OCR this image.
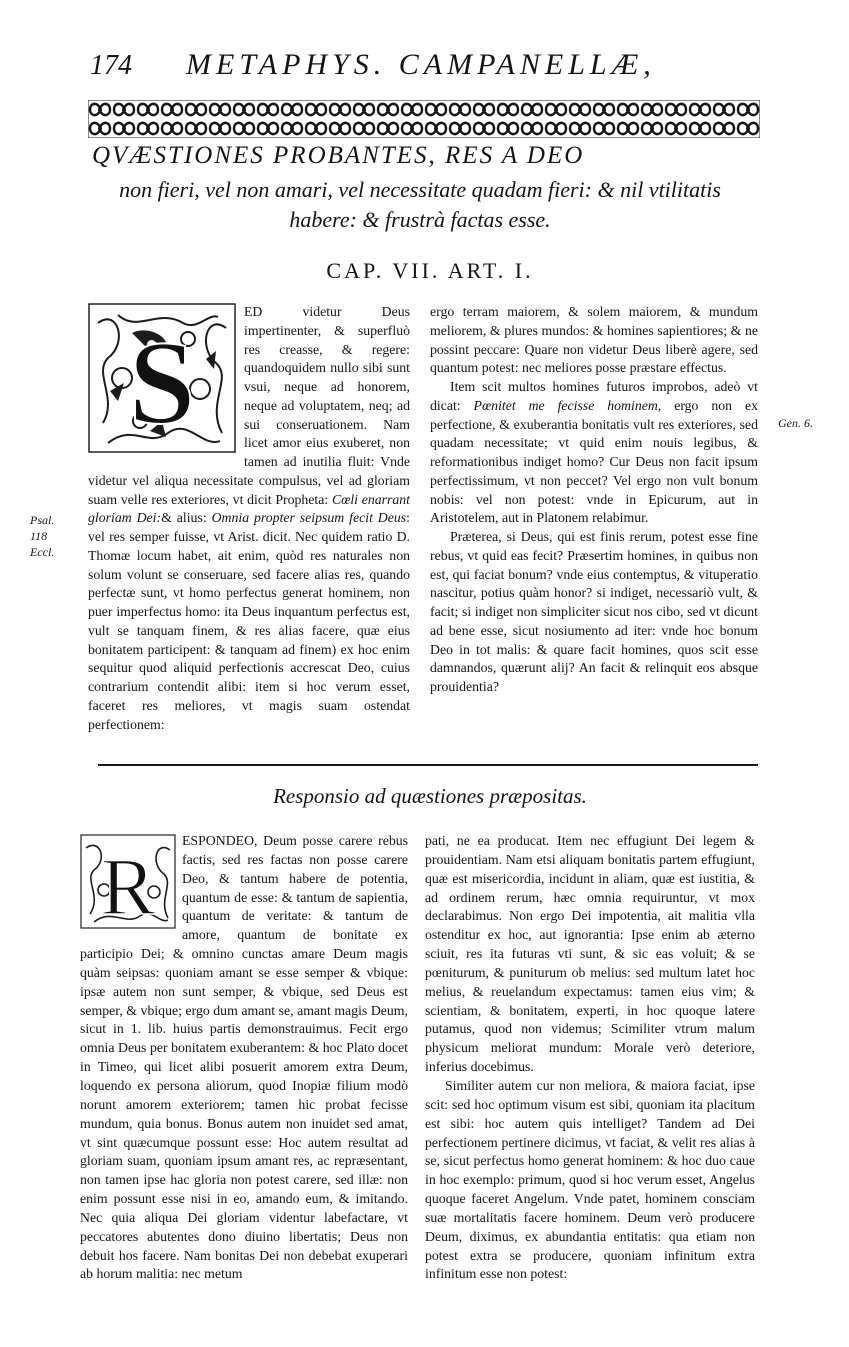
174 METAPHYS. CAMPANELLÆ,
QVÆSTIONES PROBANTES, RES A DEO
non fieri, vel non amari, vel necessitate quadam fieri: & nil vtilitatis habere: & frustrà factas esse.
CAP. VII. ART. I.
Psal.
118
Eccl.
Gen. 6.
S

ED videtur Deus impertinenter, & superfluò res creasse, & regere: quandoquidem nullo sibi sunt vsui, neque ad honorem, neque ad voluptatem, neq; ad sui conseruationem. Nam licet amor eius exuberet, non tamen ad inutilia fluit: Vnde videtur vel aliqua necessitate compulsus, vel ad gloriam suam velle res exteriores, vt dicit Propheta: Cœli enarrant gloriam Dei:& alius: Omnia propter seipsum fecit Deus: vel res semper fuisse, vt Arist. dicit. Nec quidem ratio D. Thomæ locum habet, ait enim, quòd res naturales non solum volunt se conseruare, sed facere alias res, quando perfectæ sunt, vt homo perfectus generat hominem, non puer imperfectus homo: ita Deus inquantum perfectus est, vult se tanquam finem, & res alias facere, quæ eius bonitatem participent: & tanquam ad finem) ex hoc enim sequitur quod aliquid perfectionis accrescat Deo, cuius contrarium contendit alibi: item si hoc verum esset, faceret res meliores, vt magis suam ostendat perfectionem:

ergo terram maiorem, & solem maiorem, & mundum meliorem, & plures mundos: & homines sapientiores; & ne possint peccare: Quare non videtur Deus liberè agere, sed quantum potest: nec meliores posse præstare effectus.

Item scit multos homines futuros improbos, adeò vt dicat: Pœnitet me fecisse hominem, ergo non ex perfectione, & exuberantia bonitatis vult res exteriores, sed quadam necessitate; vt quid enim nouis legibus, & reformationibus indiget homo? Cur Deus non facit ipsum perfectissimum, vt non peccet? Vel ergo non vult bonum nobis: vel non potest: vnde in Epicurum, aut in Aristotelem, aut in Platonem relabimur.

Præterea, si Deus, qui est finis rerum, potest esse fine rebus, vt quid eas fecit? Præsertim homines, in quibus non est, qui faciat bonum? vnde eius contemptus, & vituperatio nascitur, potius quàm honor? si indiget, necessariò vult, & facit; si indiget non simpliciter sicut nos cibo, sed vt dicunt ad bene esse, sicut nosiumento ad iter: vnde hoc bonum Deo in tot malis: & quare facit homines, quos scit esse damnandos, quærunt alij? An facit & relinquit eos absque prouidentia?

Responsio ad quæstiones præpositas.
R

ESPONDEO, Deum posse carere rebus factis, sed res factas non posse carere Deo, & tantum habere de potentia, quantum de esse: & tantum de sapientia, quantum de veritate: & tantum de amore, quantum de bonitate ex participio Dei; & omnino cunctas amare Deum magis quàm seipsas: quoniam amant se esse semper & vbique: ipsæ autem non sunt semper, & vbique, sed Deus est semper, & vbique; ergo dum amant se, amant magis Deum, sicut in 1. lib. huius partis demonstrauimus. Fecit ergo omnia Deus per bonitatem exuberantem: & hoc Plato docet in Timeo, qui licet alibi posuerit amorem extra Deum, loquendo ex persona aliorum, quod Inopiæ filium modò norunt amorem exteriorem; tamen hic probat fecisse mundum, quia bonus. Bonus autem non inuidet sed amat, vt sint quæcumque possunt esse: Hoc autem resultat ad gloriam suam, quoniam ipsum amant res, ac repræsentant, non tamen ipse hac gloria non potest carere, sed illæ: non enim possunt esse nisi in eo, amando eum, & imitando. Nec quia aliqua Dei gloriam videntur labefactare, vt peccatores abutentes dono diuino libertatis; Deus non debuit hos facere. Nam bonitas Dei non debebat exuperari ab horum malitia: nec metum

pati, ne ea producat. Item nec effugiunt Dei legem & prouidentiam. Nam etsi aliquam bonitatis partem effugiunt, quæ est misericordia, incidunt in aliam, quæ est iustitia, & ad ordinem rerum, hæc omnia requiruntur, vt mox declarabimus. Non ergo Dei impotentia, ait malitia vlla ostenditur ex hoc, aut ignorantia: Ipse enim ab æterno sciuit, res ita futuras vti sunt, & sic eas voluit; & se pœniturum, & puniturum ob melius: sed multum latet hoc melius, & reuelandum expectamus: tamen eius vim; & scientiam, & bonitatem, experti, in hoc quoque latere putamus, quod non videmus; Scimiliter vtrum malum physicum meliorat mundum: Morale verò deteriore, inferius docebimus.

Similiter autem cur non meliora, & maiora faciat, ipse scit: sed hoc optimum visum est sibi, quoniam ita placitum est sibi: hoc autem quis intelliget? Tandem ad Dei perfectionem pertinere dicimus, vt faciat, & velit res alias à se, sicut perfectus homo generat hominem: & hoc duo caue in hoc exemplo: primum, quod si hoc verum esset, Angelus quoque faceret Angelum. Vnde patet, hominem consciam suæ mortalitatis facere hominem. Deum verò producere Deum, diximus, ex abundantia entitatis: qua etiam non potest extra se producere, quoniam infinitum extra infinitum esse non potest:
